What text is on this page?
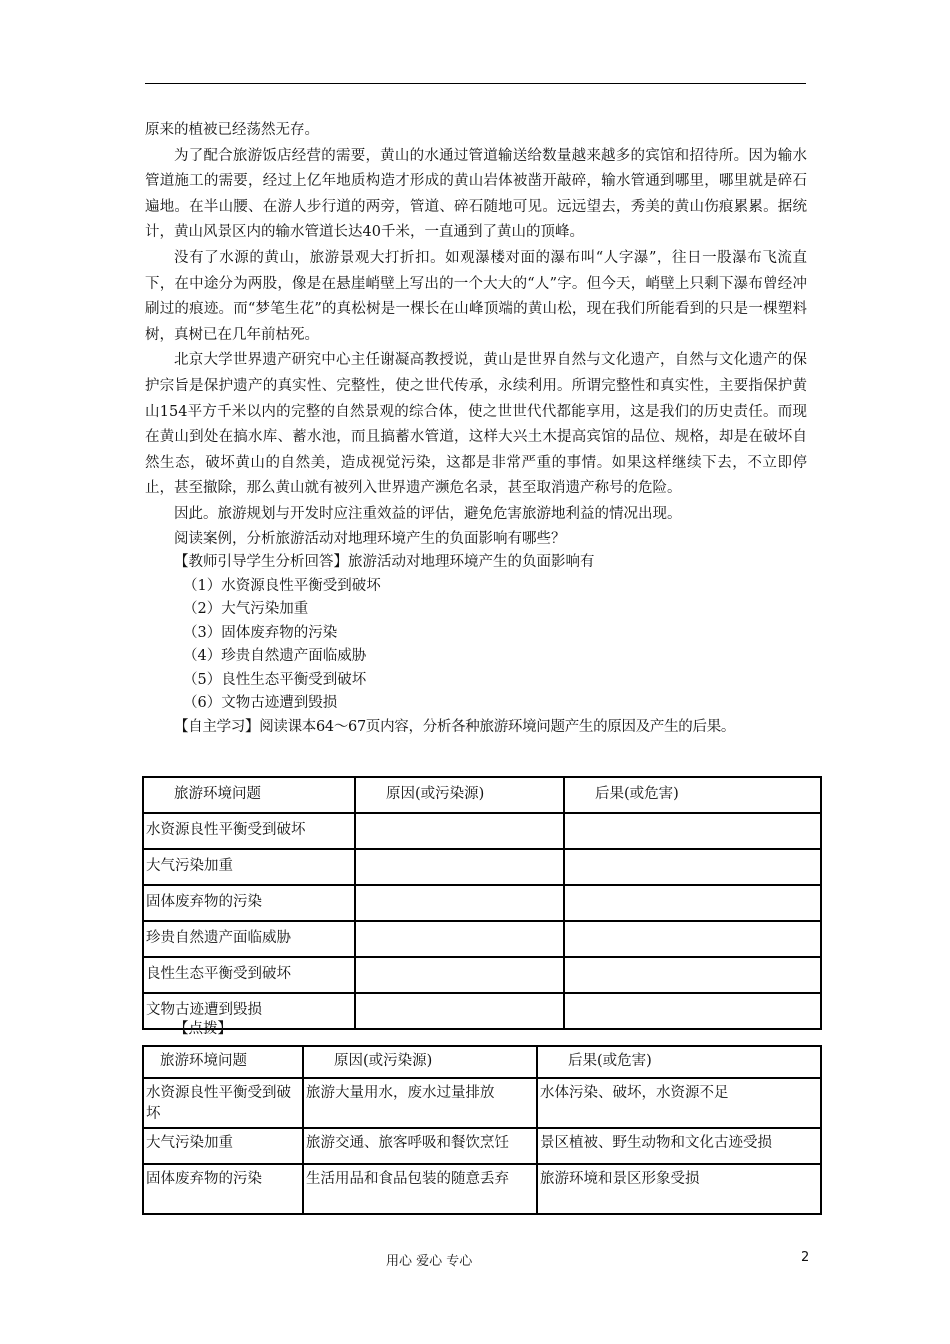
原来的植被已经荡然无存。

为了配合旅游饭店经营的需要，黄山的水通过管道输送给数量越来越多的宾馆和招待所。因为输水管道施工的需要，经过上亿年地质构造才形成的黄山岩体被凿开敲碎，输水管通到哪里，哪里就是碎石遍地。在半山腰、在游人步行道的两旁，管道、碎石随地可见。远远望去，秀美的黄山伤痕累累。据统计，黄山风景区内的输水管道长达40千米，一直通到了黄山的顶峰。

没有了水源的黄山，旅游景观大打折扣。如观瀑楼对面的瀑布叫“人字瀑”，往日一股瀑布飞流直下，在中途分为两股，像是在悬崖峭壁上写出的一个大大的“人”字。但今天，峭壁上只剩下瀑布曾经冲刷过的痕迹。而“梦笔生花”的真松树是一棵长在山峰顶端的黄山松，现在我们所能看到的只是一棵塑料树，真树已在几年前枯死。

北京大学世界遗产研究中心主任谢凝高教授说，黄山是世界自然与文化遗产，自然与文化遗产的保护宗旨是保护遗产的真实性、完整性，使之世代传承，永续利用。所谓完整性和真实性，主要指保护黄山154平方千米以内的完整的自然景观的综合体，使之世世代代都能享用，这是我们的历史责任。而现在黄山到处在搞水库、蓄水池，而且搞蓄水管道，这样大兴土木提高宾馆的品位、规格，却是在破坏自然生态，破坏黄山的自然美，造成视觉污染，这都是非常严重的事情。如果这样继续下去，不立即停止，甚至撤除，那么黄山就有被列入世界遗产濒危名录，甚至取消遗产称号的危险。

因此。旅游规划与开发时应注重效益的评估，避免危害旅游地利益的情况出现。

阅读案例，分析旅游活动对地理环境产生的负面影响有哪些？

【教师引导学生分析回答】旅游活动对地理环境产生的负面影响有

（1）水资源良性平衡受到破坏

（2）大气污染加重

（3）固体废弃物的污染

（4）珍贵自然遗产面临威胁

（5）良性生态平衡受到破坏

（6）文物古迹遭到毁损

【自主学习】阅读课本64～67页内容，分析各种旅游环境问题产生的原因及产生的后果。

旅游环境问题	原因(或污染源)	后果(或危害)
水资源良性平衡受到破坏		
大气污染加重		
固体废弃物的污染		
珍贵自然遗产面临威胁		
良性生态平衡受到破坏		
文物古迹遭到毁损		
【点拨】
旅游环境问题	原因(或污染源)	后果(或危害)
水资源良性平衡受到破坏	旅游大量用水，废水过量排放	水体污染、破坏，水资源不足
大气污染加重	旅游交通、旅客呼吸和餐饮烹饪	景区植被、野生动物和文化古迹受损
固体废弃物的污染	生活用品和食品包装的随意丢弃	旅游环境和景区形象受损
用心 爱心 专心	2
